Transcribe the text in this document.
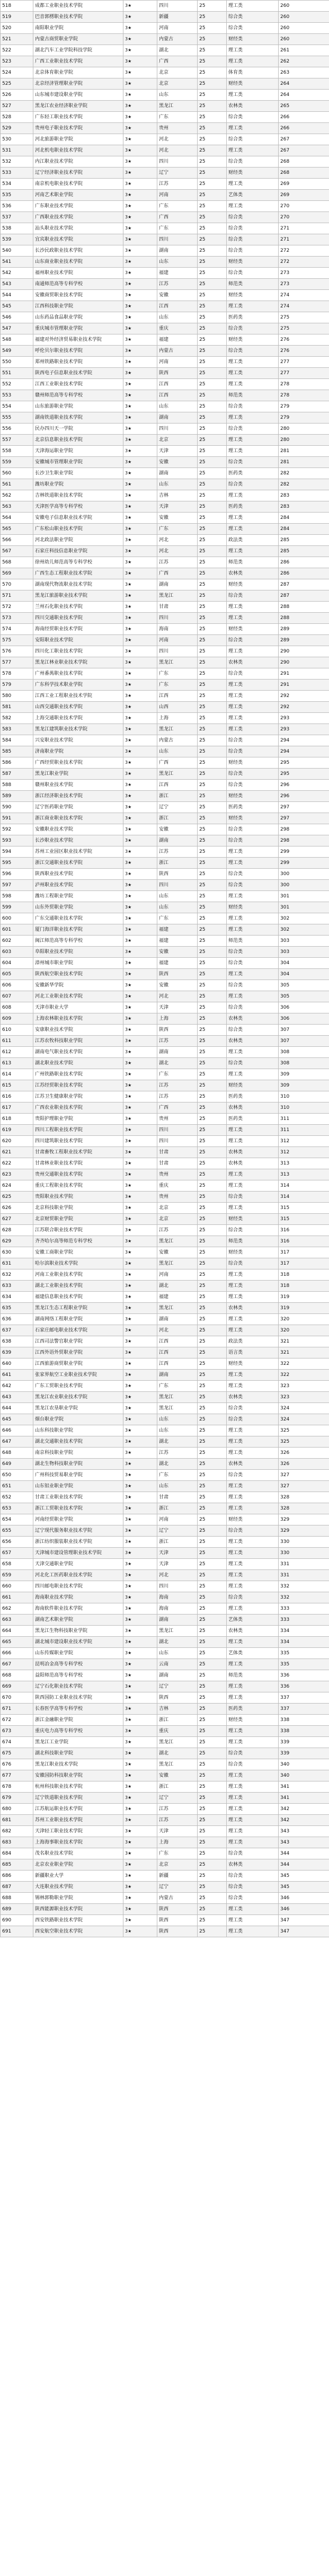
518	成都工业职业技术学院	3★	四川	25	理工类	260
519	巴音郭楞职业技术学院	3★	新疆	25	综合类	260
520	南阳职业学院	3★	河南	25	综合类	260
521	内蒙古商贸职业学院	3★	内蒙古	25	财经类	260
522	湖北汽车工业学院科技学院	3★	湖北	25	理工类	261
523	广西工业职业技术学院	3★	广西	25	理工类	262
524	北京体育职业学院	3★	北京	25	体育类	263
525	北京经济管理职业学院	3★	北京	25	财经类	264
526	山东城市建设职业学院	3★	山东	25	理工类	264
527	黑龙江农业经济职业学院	3★	黑龙江	25	农林类	265
528	广东轻工职业技术学院	3★	广东	25	综合类	266
529	贵州电子职业技术学院	3★	贵州	25	理工类	266
530	河北旅游职业学院	3★	河北	25	综合类	267
531	河北机电职业技术学院	3★	河北	25	理工类	267
532	内江职业技术学院	3★	四川	25	综合类	268
533	辽宁经济职业技术学院	3★	辽宁	25	财经类	268
534	南京机电职业技术学院	3★	江苏	25	理工类	269
535	河南艺术职业学院	3★	河南	25	艺体类	269
536	广东职业技术学院	3★	广东	25	理工类	270
537	广西职业技术学院	3★	广西	25	综合类	270
538	汕头职业技术学院	3★	广东	25	综合类	271
539	宜宾职业技术学院	3★	四川	25	综合类	271
540	长沙民政职业技术学院	3★	湖南	25	综合类	272
541	山东商业职业技术学院	3★	山东	25	财经类	272
542	福州职业技术学院	3★	福建	25	综合类	273
543	南通师范高等专科学校	3★	江苏	25	师范类	273
544	安徽商贸职业技术学院	3★	安徽	25	财经类	274
545	江西科技职业学院	3★	江西	25	理工类	274
546	山东药品食品职业学院	3★	山东	25	医药类	275
547	重庆城市管理职业学院	3★	重庆	25	综合类	275
548	福建对外经济贸易职业技术学院	3★	福建	25	财经类	276
549	呼伦贝尔职业技术学院	3★	内蒙古	25	综合类	276
550	郑州铁路职业技术学院	3★	河南	25	理工类	277
551	陕西电子信息职业技术学院	3★	陕西	25	理工类	277
552	江西工业职业技术学院	3★	江西	25	理工类	278
553	赣州师范高等专科学校	3★	江西	25	师范类	278
554	山东旅游职业学院	3★	山东	25	综合类	279
555	湖南铁道职业技术学院	3★	湖南	25	理工类	279
556	民办四川天一学院	3★	四川	25	综合类	280
557	北京信息职业技术学院	3★	北京	25	理工类	280
558	天津海运职业学院	3★	天津	25	理工类	281
559	安徽城市管理职业学院	3★	安徽	25	综合类	281
560	长沙卫生职业学院	3★	湖南	25	医药类	282
561	潍坊职业学院	3★	山东	25	综合类	282
562	吉林铁道职业技术学院	3★	吉林	25	理工类	283
563	天津医学高等专科学校	3★	天津	25	医药类	283
564	安徽电子信息职业技术学院	3★	安徽	25	理工类	284
565	广东松山职业技术学院	3★	广东	25	理工类	284
566	河北政法职业学院	3★	河北	25	政法类	285
567	石家庄科技信息职业学院	3★	河北	25	理工类	285
568	徐州幼儿师范高等专科学校	3★	江苏	25	师范类	286
569	广西生态工程职业技术学院	3★	广西	25	农林类	286
570	湖南现代物流职业技术学院	3★	湖南	25	财经类	287
571	黑龙江旅游职业技术学院	3★	黑龙江	25	综合类	287
572	兰州石化职业技术学院	3★	甘肃	25	理工类	288
573	四川交通职业技术学院	3★	四川	25	理工类	288
574	海南经贸职业技术学院	3★	海南	25	财经类	289
575	安阳职业技术学院	3★	河南	25	综合类	289
576	四川化工职业技术学院	3★	四川	25	理工类	290
577	黑龙江林业职业技术学院	3★	黑龙江	25	农林类	290
578	广州番禺职业技术学院	3★	广东	25	综合类	291
579	广东科学技术职业学院	3★	广东	25	理工类	291
580	江西工业工程职业技术学院	3★	江西	25	理工类	292
581	山西交通职业技术学院	3★	山西	25	理工类	292
582	上海交通职业技术学院	3★	上海	25	理工类	293
583	黑龙江建筑职业技术学院	3★	黑龙江	25	理工类	293
584	兴安职业技术学院	3★	内蒙古	25	综合类	294
585	济南职业学院	3★	山东	25	综合类	294
586	广西经贸职业技术学院	3★	广西	25	财经类	295
587	黑龙江职业学院	3★	黑龙江	25	综合类	295
588	赣州职业技术学院	3★	江西	25	综合类	296
589	浙江经济职业技术学院	3★	浙江	25	财经类	296
590	辽宁医药职业学院	3★	辽宁	25	医药类	297
591	浙江商业职业技术学院	3★	浙江	25	财经类	297
592	安徽职业技术学院	3★	安徽	25	综合类	298
593	长沙职业技术学院	3★	湖南	25	综合类	298
594	苏州工业园区职业技术学院	3★	江苏	25	理工类	299
595	浙江交通职业技术学院	3★	浙江	25	理工类	299
596	陕西职业技术学院	3★	陕西	25	综合类	300
597	泸州职业技术学院	3★	四川	25	综合类	300
598	潍坊工程职业学院	3★	山东	25	理工类	301
599	山东外贸职业学院	3★	山东	25	财经类	301
600	广东交通职业技术学院	3★	广东	25	理工类	302
601	厦门海洋职业技术学院	3★	福建	25	理工类	302
602	闽江师范高等专科学校	3★	福建	25	师范类	303
603	阜阳职业技术学院	3★	安徽	25	综合类	303
604	漳州城市职业学院	3★	福建	25	综合类	304
605	陕西航空职业技术学院	3★	陕西	25	理工类	304
606	安徽新华学院	3★	安徽	25	综合类	305
607	河北工业职业技术学院	3★	河北	25	理工类	305
608	天津市职业大学	3★	天津	25	综合类	306
609	上海农林职业技术学院	3★	上海	25	农林类	306
610	安康职业技术学院	3★	陕西	25	综合类	307
611	江苏农牧科技职业学院	3★	江苏	25	农林类	307
612	湖南电气职业技术学院	3★	湖南	25	理工类	308
613	湖北职业技术学院	3★	湖北	25	综合类	308
614	广州铁路职业技术学院	3★	广东	25	理工类	309
615	江苏经贸职业技术学院	3★	江苏	25	财经类	309
616	江苏卫生健康职业学院	3★	江苏	25	医药类	310
617	广西农业职业技术学院	3★	广西	25	农林类	310
618	贵阳护理职业学院	3★	贵州	25	医药类	311
619	四川工程职业技术学院	3★	四川	25	理工类	311
620	四川建筑职业技术学院	3★	四川	25	理工类	312
621	甘肃畜牧工程职业技术学院	3★	甘肃	25	农林类	312
622	甘肃林业职业技术学院	3★	甘肃	25	农林类	313
623	贵州交通职业技术学院	3★	贵州	25	理工类	313
624	重庆工程职业技术学院	3★	重庆	25	理工类	314
625	贵阳职业技术学院	3★	贵州	25	综合类	314
626	北京科技职业学院	3★	北京	25	理工类	315
627	北京财贸职业学院	3★	北京	25	财经类	315
628	江苏联合职业技术学院	3★	江苏	25	综合类	316
629	齐齐哈尔高等师范专科学校	3★	黑龙江	25	师范类	316
630	安徽工商职业学院	3★	安徽	25	财经类	317
631	哈尔滨职业技术学院	3★	黑龙江	25	综合类	317
632	河南工业职业技术学院	3★	河南	25	理工类	318
633	湖北工业职业技术学院	3★	湖北	25	理工类	318
634	福建信息职业技术学院	3★	福建	25	理工类	319
635	黑龙江生态工程职业学院	3★	黑龙江	25	农林类	319
636	湖南网络工程职业学院	3★	湖南	25	理工类	320
637	石家庄邮电职业技术学院	3★	河北	25	理工类	320
638	江西司法警官职业学院	3★	江西	25	政法类	321
639	江西外语外贸职业学院	3★	江西	25	语言类	321
640	江西旅游商贸职业学院	3★	江西	25	财经类	322
641	张家界航空工业职业技术学院	3★	湖南	25	理工类	322
642	广东工贸职业技术学院	3★	广东	25	理工类	323
643	黑龙江农业职业技术学院	3★	黑龙江	25	农林类	323
644	黑龙江农垦职业学院	3★	黑龙江	25	综合类	324
645	烟台职业学院	3★	山东	25	综合类	324
646	山东科技职业学院	3★	山东	25	理工类	325
647	湖北交通职业技术学院	3★	湖北	25	理工类	325
648	南京科技职业学院	3★	江苏	25	理工类	326
649	湖北生物科技职业学院	3★	湖北	25	农林类	326
650	广州科技贸易职业学院	3★	广东	25	综合类	327
651	山东铝业职业学院	3★	山东	25	理工类	327
652	甘肃工业职业技术学院	3★	甘肃	25	理工类	328
653	浙江工贸职业技术学院	3★	浙江	25	理工类	328
654	河南经贸职业学院	3★	河南	25	财经类	329
655	辽宁现代服务职业技术学院	3★	辽宁	25	综合类	329
656	浙江纺织服装职业技术学院	3★	浙江	25	理工类	330
657	天津城市建设管理职业技术学院	3★	天津	25	理工类	330
658	天津交通职业学院	3★	天津	25	理工类	331
659	河北化工医药职业技术学院	3★	河北	25	理工类	331
660	四川邮电职业技术学院	3★	四川	25	理工类	332
661	海南职业技术学院	3★	海南	25	综合类	332
662	海南软件职业技术学院	3★	海南	25	理工类	333
663	湖南艺术职业学院	3★	湖南	25	艺体类	333
664	黑龙江生物科技职业学院	3★	黑龙江	25	农林类	334
665	湖北城市建设职业技术学院	3★	湖北	25	理工类	334
666	山东传媒职业学院	3★	山东	25	艺体类	335
667	昆明冶金高等专科学校	3★	云南	25	理工类	335
668	益阳师范高等专科学校	3★	湖南	25	师范类	336
669	辽宁石化职业技术学院	3★	辽宁	25	理工类	336
670	陕西国防工业职业技术学院	3★	陕西	25	理工类	337
671	长春医学高等专科学校	3★	吉林	25	医药类	337
672	浙江金融职业学院	3★	浙江	25	财经类	338
673	重庆电力高等专科学校	3★	重庆	25	理工类	338
674	黑龙江工业学院	3★	黑龙江	25	理工类	339
675	湖北科技职业学院	3★	湖北	25	综合类	339
676	黑龙江职业技术学院	3★	黑龙江	25	综合类	340
677	安徽国防科技职业学院	3★	安徽	25	理工类	340
678	杭州科技职业技术学院	3★	浙江	25	理工类	341
679	辽宁铁道职业技术学院	3★	辽宁	25	理工类	341
680	江苏航运职业技术学院	3★	江苏	25	理工类	342
681	苏州工业职业技术学院	3★	江苏	25	理工类	342
682	天津轻工职业技术学院	3★	天津	25	理工类	343
683	上海海事职业技术学院	3★	上海	25	理工类	343
684	茂名职业技术学院	3★	广东	25	综合类	344
685	北京农业职业学院	3★	北京	25	农林类	344
686	新疆职业大学	3★	新疆	25	综合类	345
687	大连职业技术学院	3★	辽宁	25	综合类	345
688	锡林郭勒职业学院	3★	内蒙古	25	综合类	346
689	陕西能源职业技术学院	3★	陕西	25	理工类	346
690	西安铁路职业技术学院	3★	陕西	25	理工类	347
691	西安航空职业技术学院	3★	陕西	25	理工类	347
